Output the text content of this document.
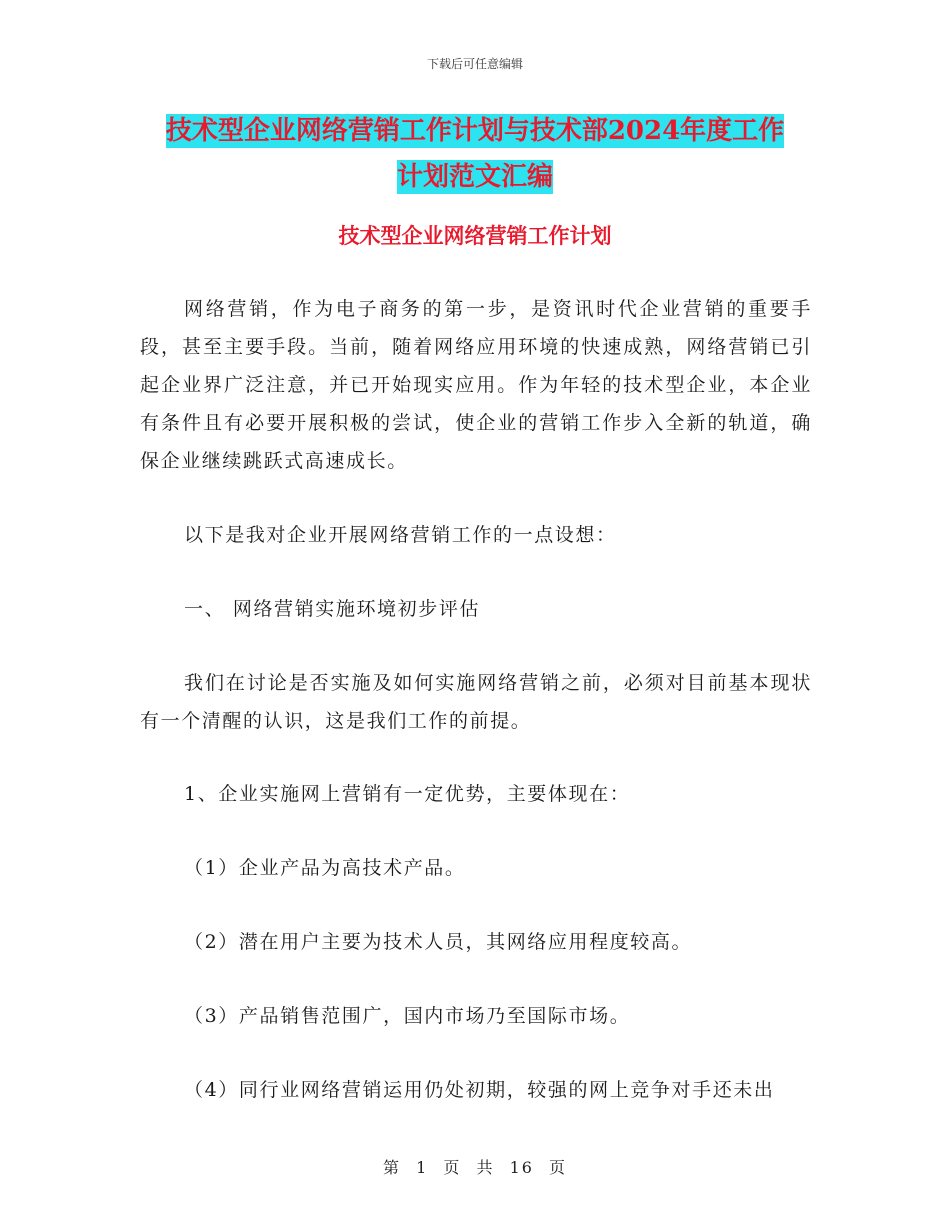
下载后可任意编辑
技术型企业网络营销工作计划与技术部2024年度工作
计划范文汇编
技术型企业网络营销工作计划
网络营销，作为电子商务的第一步，是资讯时代企业营销的重要手段，甚至主要手段。当前，随着网络应用环境的快速成熟，网络营销已引起企业界广泛注意，并已开始现实应用。作为年轻的技术型企业，本企业有条件且有必要开展积极的尝试，使企业的营销工作步入全新的轨道，确保企业继续跳跃式高速成长。
以下是我对企业开展网络营销工作的一点设想：
一、 网络营销实施环境初步评估
我们在讨论是否实施及如何实施网络营销之前，必须对目前基本现状有一个清醒的认识，这是我们工作的前提。
1、企业实施网上营销有一定优势，主要体现在：
（1）企业产品为高技术产品。
（2）潜在用户主要为技术人员，其网络应用程度较高。
（3）产品销售范围广，国内市场乃至国际市场。
（4）同行业网络营销运用仍处初期，较强的网上竞争对手还未出
第 1 页 共 16 页
